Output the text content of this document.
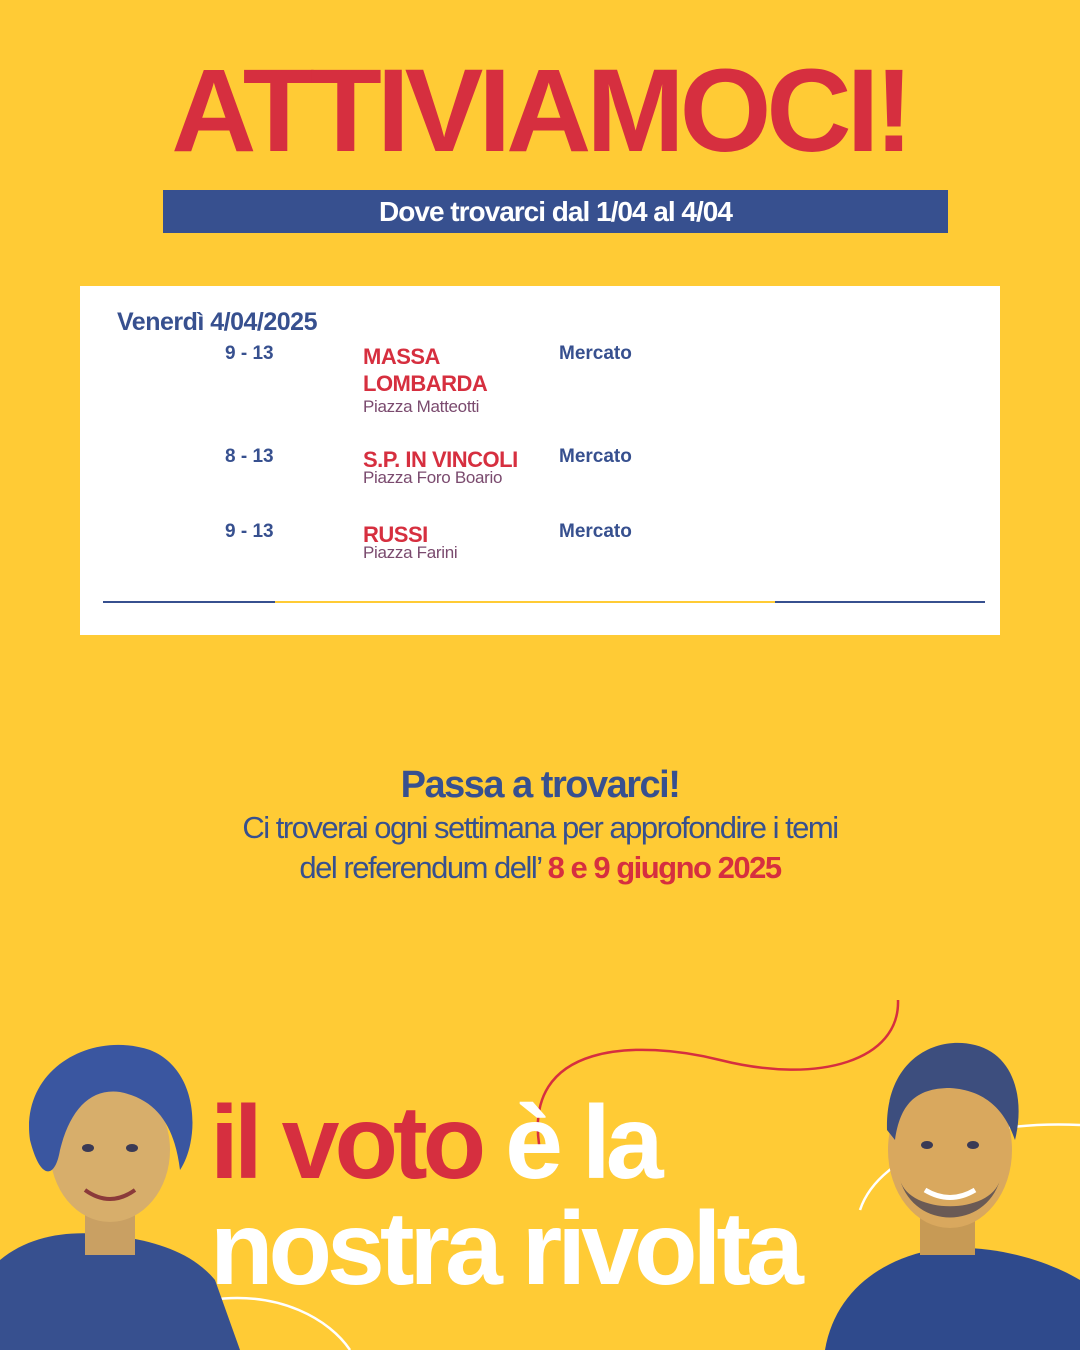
ATTIVIAMOCI!
Dove trovarci dal 1/04 al 4/04
Venerdì 4/04/2025
9 - 13	MASSA LOMBARDA
Piazza Matteotti
Mercato
8 - 13	S.P. IN VINCOLI
Piazza Foro Boario
Mercato
9 - 13	RUSSI
Piazza Farini
Mercato
Passa a trovarci!
Ci troverai ogni settimana per approfondire i temi
del referendum dell’ 8 e 9 giugno 2025
il voto è la
nostra rivolta
